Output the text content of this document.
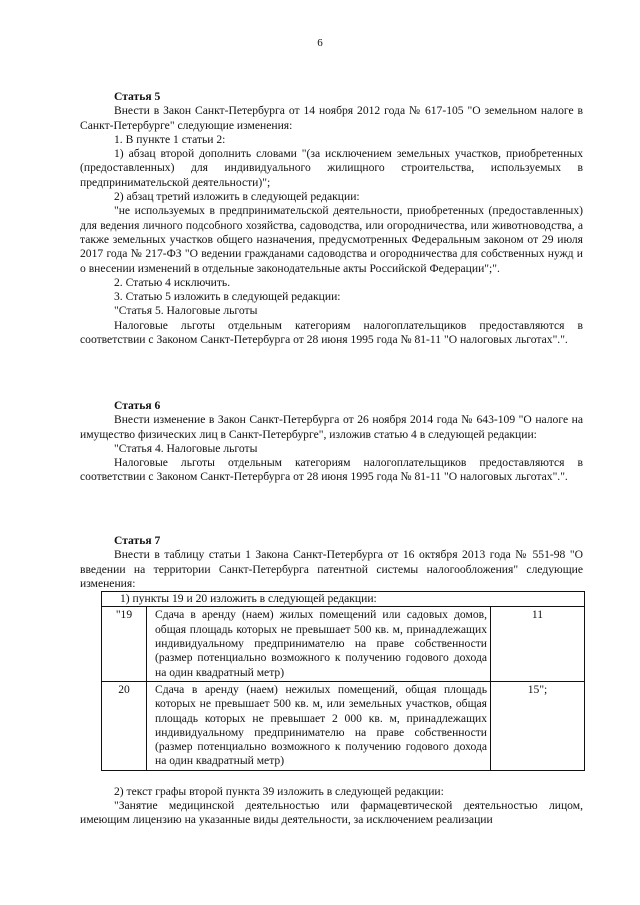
6

Статья 5

Внести в Закон Санкт-Петербурга от 14 ноября 2012 года № 617-105 "О земельном налоге в Санкт-Петербурге" следующие изменения:

1. В пункте 1 статьи 2:

1) абзац второй дополнить словами "(за исключением земельных участков, приобретенных (предоставленных) для индивидуального жилищного строительства, используемых в предпринимательской деятельности)";

2) абзац третий изложить в следующей редакции:

"не используемых в предпринимательской деятельности, приобретенных (предоставленных) для ведения личного подсобного хозяйства, садоводства, или огородничества, или животноводства, а также земельных участков общего назначения, предусмотренных Федеральным законом от 29 июля 2017 года № 217-ФЗ "О ведении гражданами садоводства и огородничества для собственных нужд и о внесении изменений в отдельные законодательные акты Российской Федерации";".

2. Статью 4 исключить.

3. Статью 5 изложить в следующей редакции:

"Статья 5. Налоговые льготы

Налоговые льготы отдельным категориям налогоплательщиков предоставляются в соответствии с Законом Санкт-Петербурга от 28 июня 1995 года № 81-11 "О налоговых льготах".".

Статья 6

Внести изменение в Закон Санкт-Петербурга от 26 ноября 2014 года № 643-109 "О налоге на имущество физических лиц в Санкт-Петербурге", изложив статью 4 в следующей редакции:

"Статья 4. Налоговые льготы

Налоговые льготы отдельным категориям налогоплательщиков предоставляются в соответствии с Законом Санкт-Петербурга от 28 июня 1995 года № 81-11 "О налоговых льготах".".

Статья 7

Внести в таблицу статьи 1 Закона Санкт-Петербурга от 16 октября 2013 года № 551-98 "О введении на территории Санкт-Петербурга патентной системы налогообложения" следующие изменения:

1) пункты 19 и 20 изложить в следующей редакции:
"19	Сдача в аренду (наем) жилых помещений или садовых домов, общая площадь которых не превышает 500 кв. м, принадлежащих индивидуальному предпринимателю на праве собственности (размер потенциально возможного к получению годового дохода на один квадратный метр)	11
20	Сдача в аренду (наем) нежилых помещений, общая площадь которых не превышает 500 кв. м, или земельных участков, общая площадь которых не превышает 2 000 кв. м, принадлежащих индивидуальному предпринимателю на праве собственности (размер потенциально возможного к получению годового дохода на один квадратный метр)	15";

2) текст графы второй пункта 39 изложить в следующей редакции:

"Занятие медицинской деятельностью или фармацевтической деятельностью лицом, имеющим лицензию на указанные виды деятельности, за исключением реализации
